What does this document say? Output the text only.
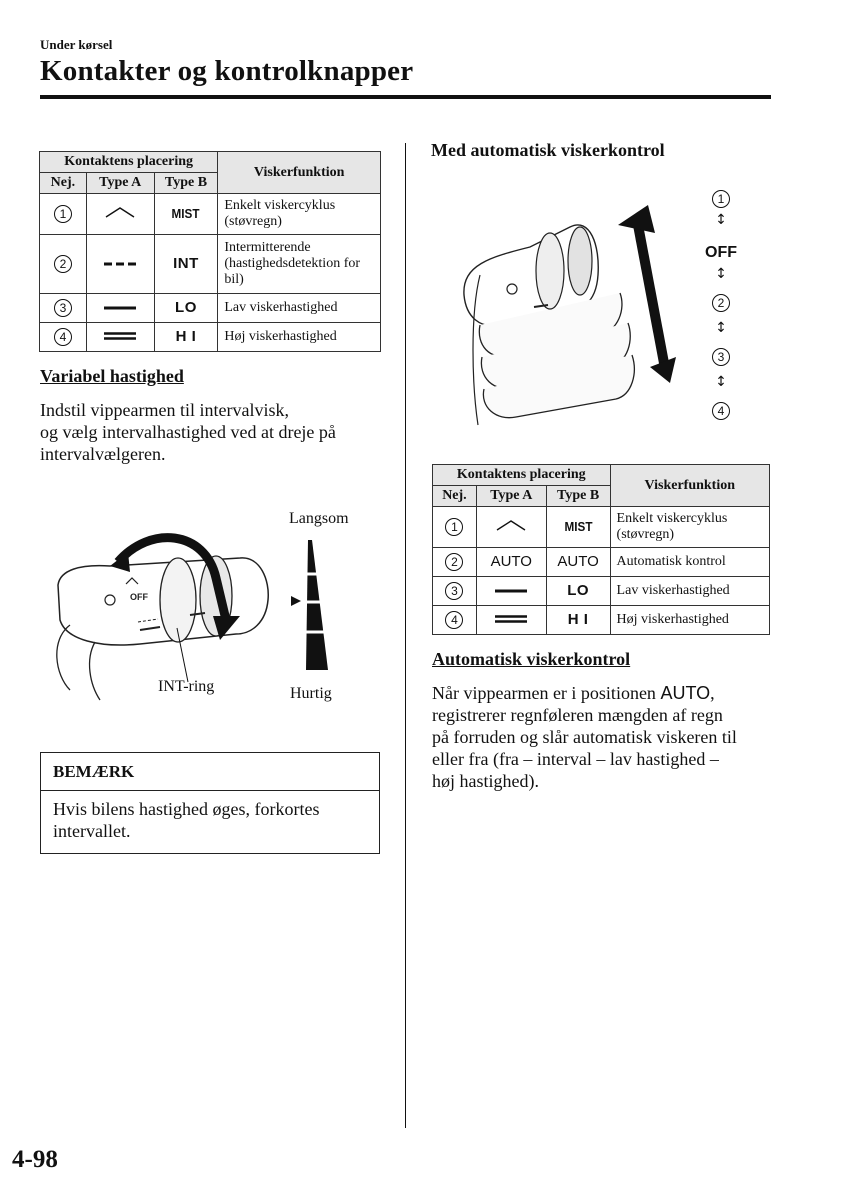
Under kørsel
Kontakter og kontrolknapper
Kontaktens placering			Viskerfunktion
Nej.	Type A	Type B	
1		MIST	Enkelt viskercyklus (støvregn)
2		INT	Intermitterende (hastighedsdetektion for bil)
3		LO	Lav viskerhastighed
4		H I	Høj viskerhastighed
Variabel hastighed
Indstil vippearmen til intervalvisk,
og vælg intervalhastighed ved at dreje på
intervalvælgeren.
OFF
Langsom
Hurtig
INT-ring
BEMÆRK
Hvis bilens hastighed øges, forkortes
intervallet.
Med automatisk viskerkontrol
1
↕
OFF
↕
2
↕
3
↕
4
Kontaktens placering			Viskerfunktion
Nej.	Type A	Type B	
1		MIST	Enkelt viskercyklus (støvregn)
2	AUTO	AUTO	Automatisk kontrol
3		LO	Lav viskerhastighed
4		H I	Høj viskerhastighed
Automatisk viskerkontrol
Når vippearmen er i positionen AUTO,
registrerer regnføleren mængden af regn
på forruden og slår automatisk viskeren til
eller fra (fra – interval – lav hastighed –
høj hastighed).
4-98
